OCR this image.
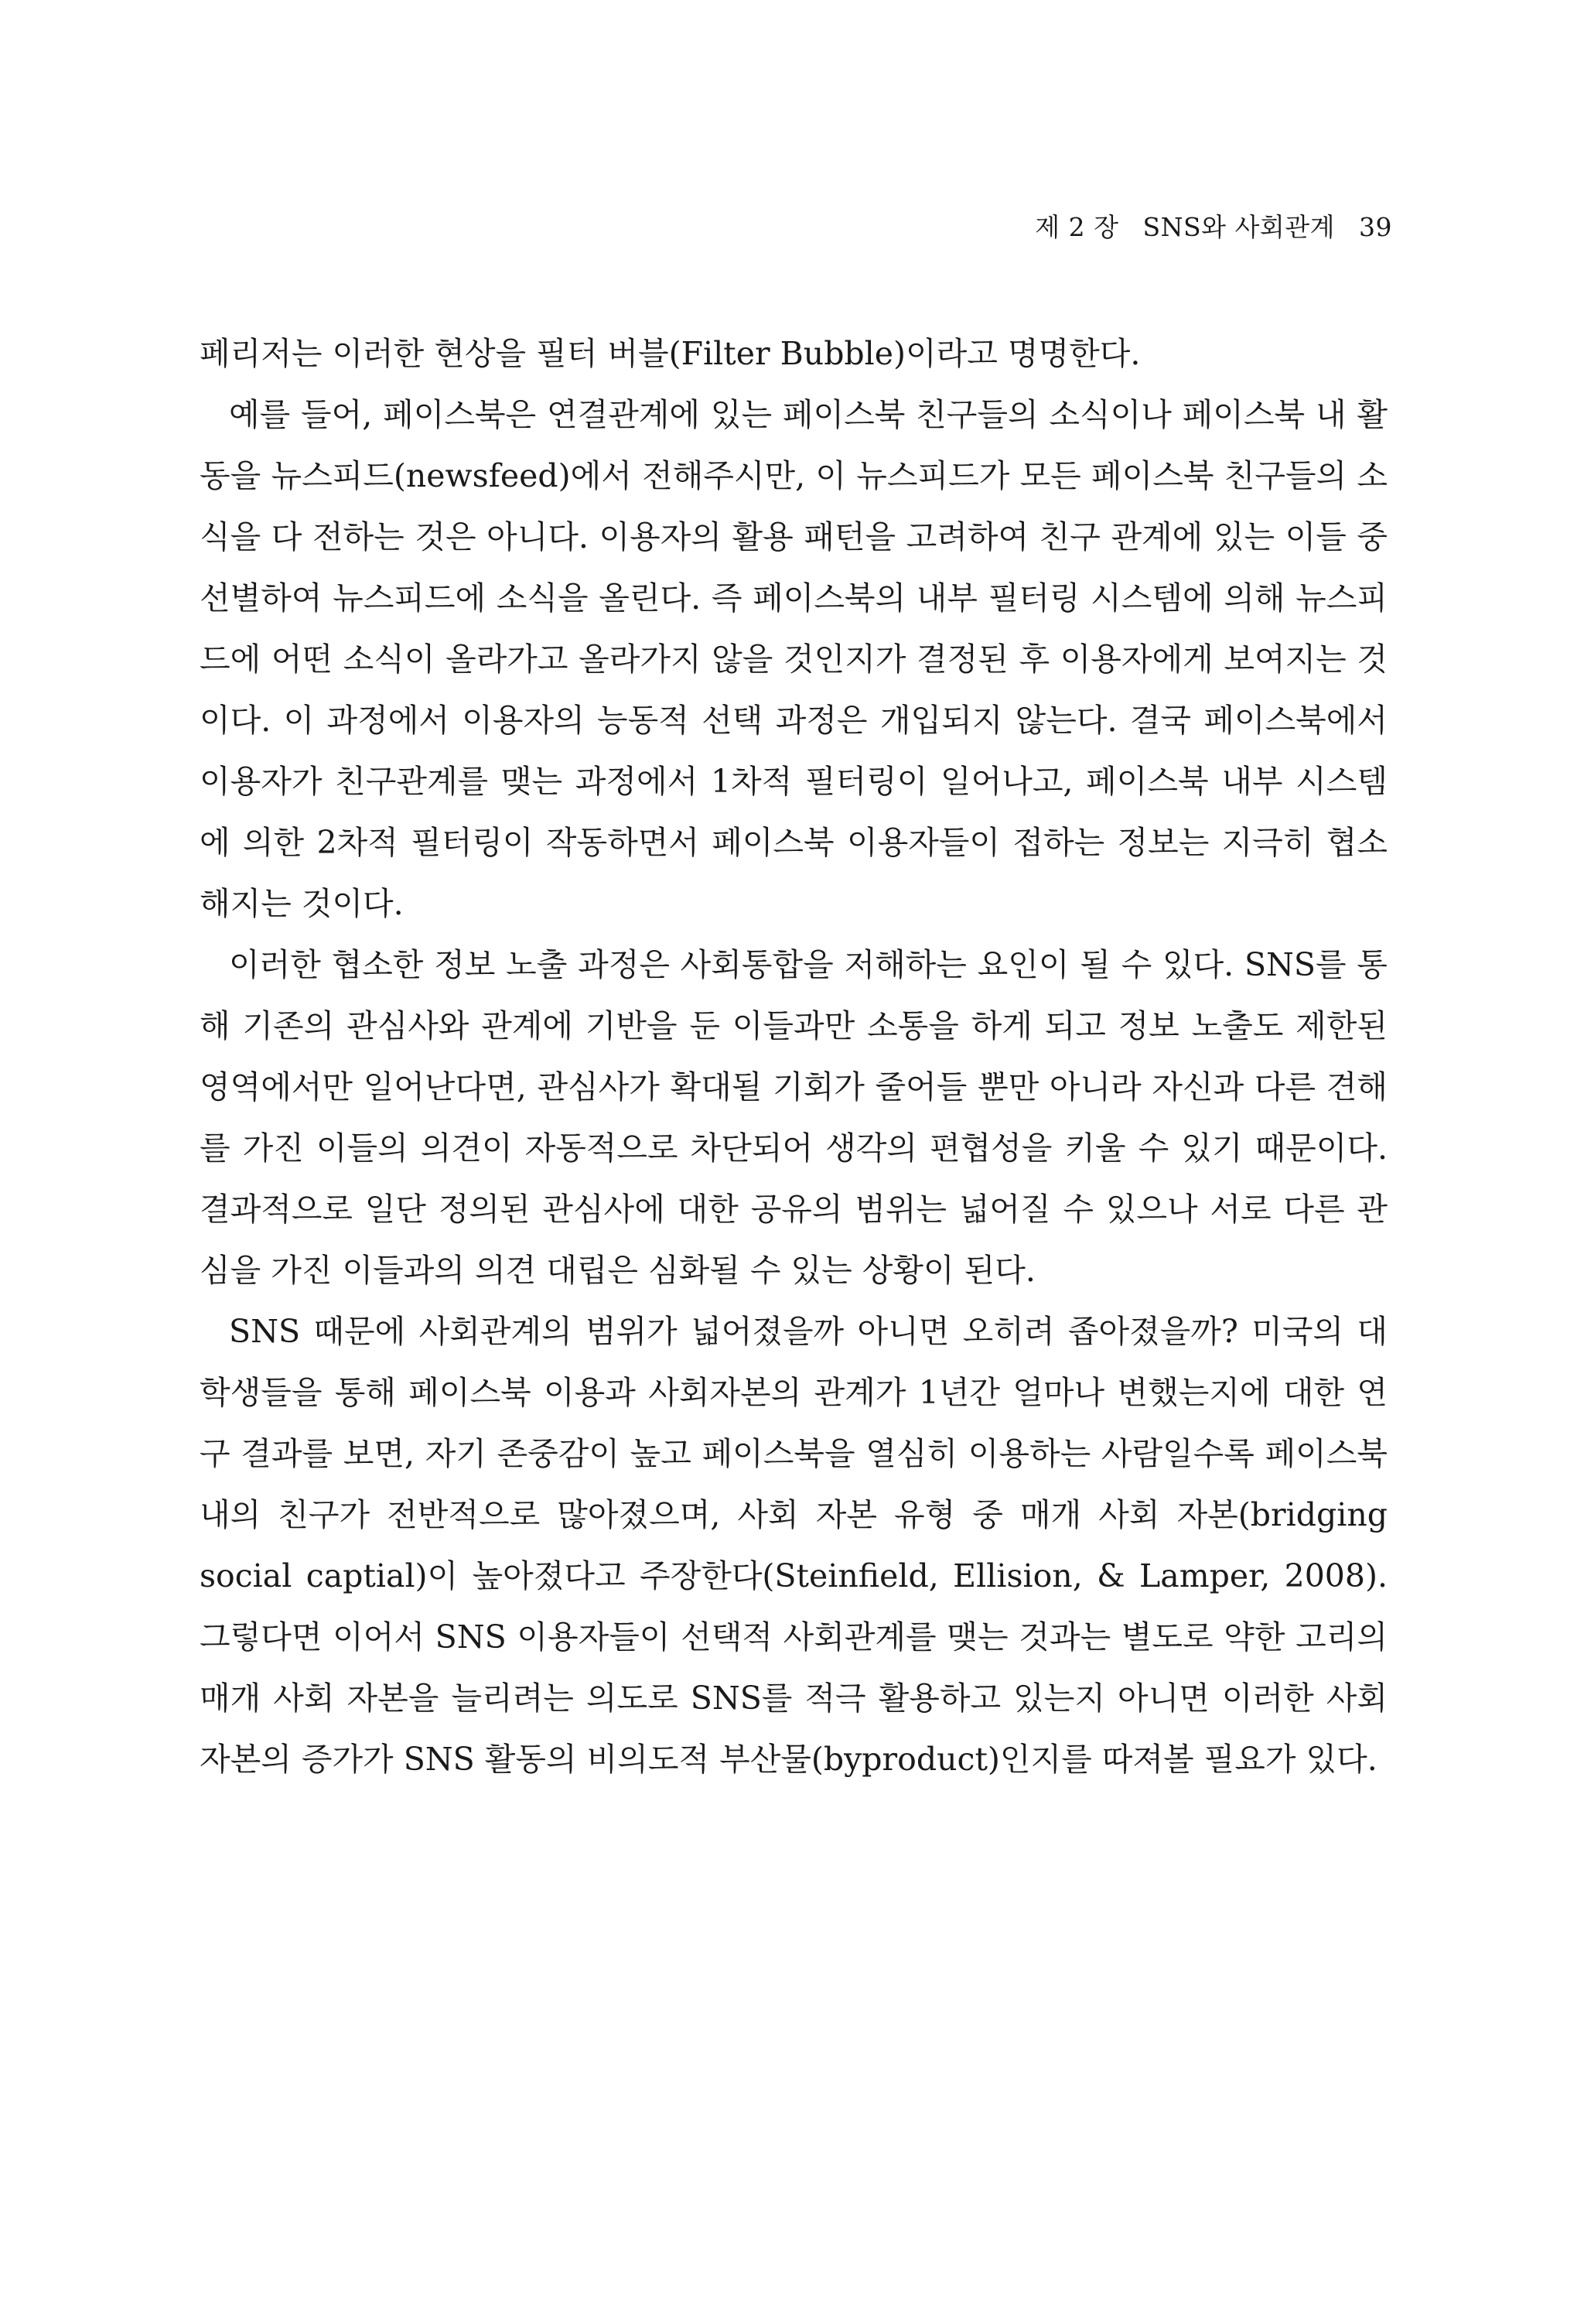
제 2 장 SNS와 사회관계 39

페리저는 이러한 현상을 필터 버블(Filter Bubble)이라고 명명한다.

예를 들어, 페이스북은 연결관계에 있는 페이스북 친구들의 소식이나 페이스북 내 활동을 뉴스피드(newsfeed)에서 전해주시만, 이 뉴스피드가 모든 페이스북 친구들의 소식을 다 전하는 것은 아니다. 이용자의 활용 패턴을 고려하여 친구 관계에 있는 이들 중 선별하여 뉴스피드에 소식을 올린다. 즉 페이스북의 내부 필터링 시스템에 의해 뉴스피드에 어떤 소식이 올라가고 올라가지 않을 것인지가 결정된 후 이용자에게 보여지는 것이다. 이 과정에서 이용자의 능동적 선택 과정은 개입되지 않는다. 결국 페이스북에서 이용자가 친구관계를 맺는 과정에서 1차적 필터링이 일어나고, 페이스북 내부 시스템에 의한 2차적 필터링이 작동하면서 페이스북 이용자들이 접하는 정보는 지극히 협소해지는 것이다.

이러한 협소한 정보 노출 과정은 사회통합을 저해하는 요인이 될 수 있다. SNS를 통해 기존의 관심사와 관계에 기반을 둔 이들과만 소통을 하게 되고 정보 노출도 제한된 영역에서만 일어난다면, 관심사가 확대될 기회가 줄어들 뿐만 아니라 자신과 다른 견해를 가진 이들의 의견이 자동적으로 차단되어 생각의 편협성을 키울 수 있기 때문이다. 결과적으로 일단 정의된 관심사에 대한 공유의 범위는 넓어질 수 있으나 서로 다른 관심을 가진 이들과의 의견 대립은 심화될 수 있는 상황이 된다.

SNS 때문에 사회관계의 범위가 넓어졌을까 아니면 오히려 좁아졌을까? 미국의 대학생들을 통해 페이스북 이용과 사회자본의 관계가 1년간 얼마나 변했는지에 대한 연구 결과를 보면, 자기 존중감이 높고 페이스북을 열심히 이용하는 사람일수록 페이스북 내의 친구가 전반적으로 많아졌으며, 사회 자본 유형 중 매개 사회 자본(bridging social captial)이 높아졌다고 주장한다(Steinfield, Ellision, & Lamper, 2008). 그렇다면 이어서 SNS 이용자들이 선택적 사회관계를 맺는 것과는 별도로 약한 고리의 매개 사회 자본을 늘리려는 의도로 SNS를 적극 활용하고 있는지 아니면 이러한 사회자본의 증가가 SNS 활동의 비의도적 부산물(byproduct)인지를 따져볼 필요가 있다.
